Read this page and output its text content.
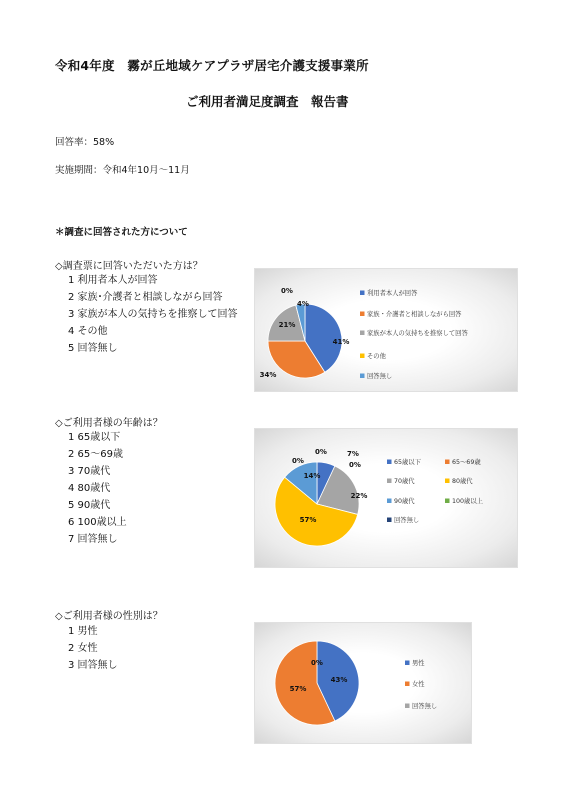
令和4年度　霧が丘地域ケアプラザ居宅介護支援事業所
ご利用者満足度調査　報告書
回答率：58%
実施期間：令和4年10月～11月
＊調査に回答された方について
◇調査票に回答いただいた方は？
1 利用者本人が回答
2 家族･介護者と相談しながら回答
3 家族が本人の気持ちを推察して回答
4 その他
5 回答無し
◇ご利用者様の年齢は？
1 65歳以下
2 65～69歳
3 70歳代
4 80歳代
5 90歳代
6 100歳以上
7 回答無し
◇ご利用者様の性別は？
1 男性
2 女性
3 回答無し
41%
34%
21%
0%
4%
利用者本人が回答
家族・介護者と相談しながら回答
家族が本人の気持ちを推察して回答
その他
回答無し
7%
0%
22%
57%
14%
0%	0%	65歳以下	65～69歳
70歳代	80歳代
90歳代	100歳以上
回答無し
43%
57%
0%	男性
女性
回答無し
